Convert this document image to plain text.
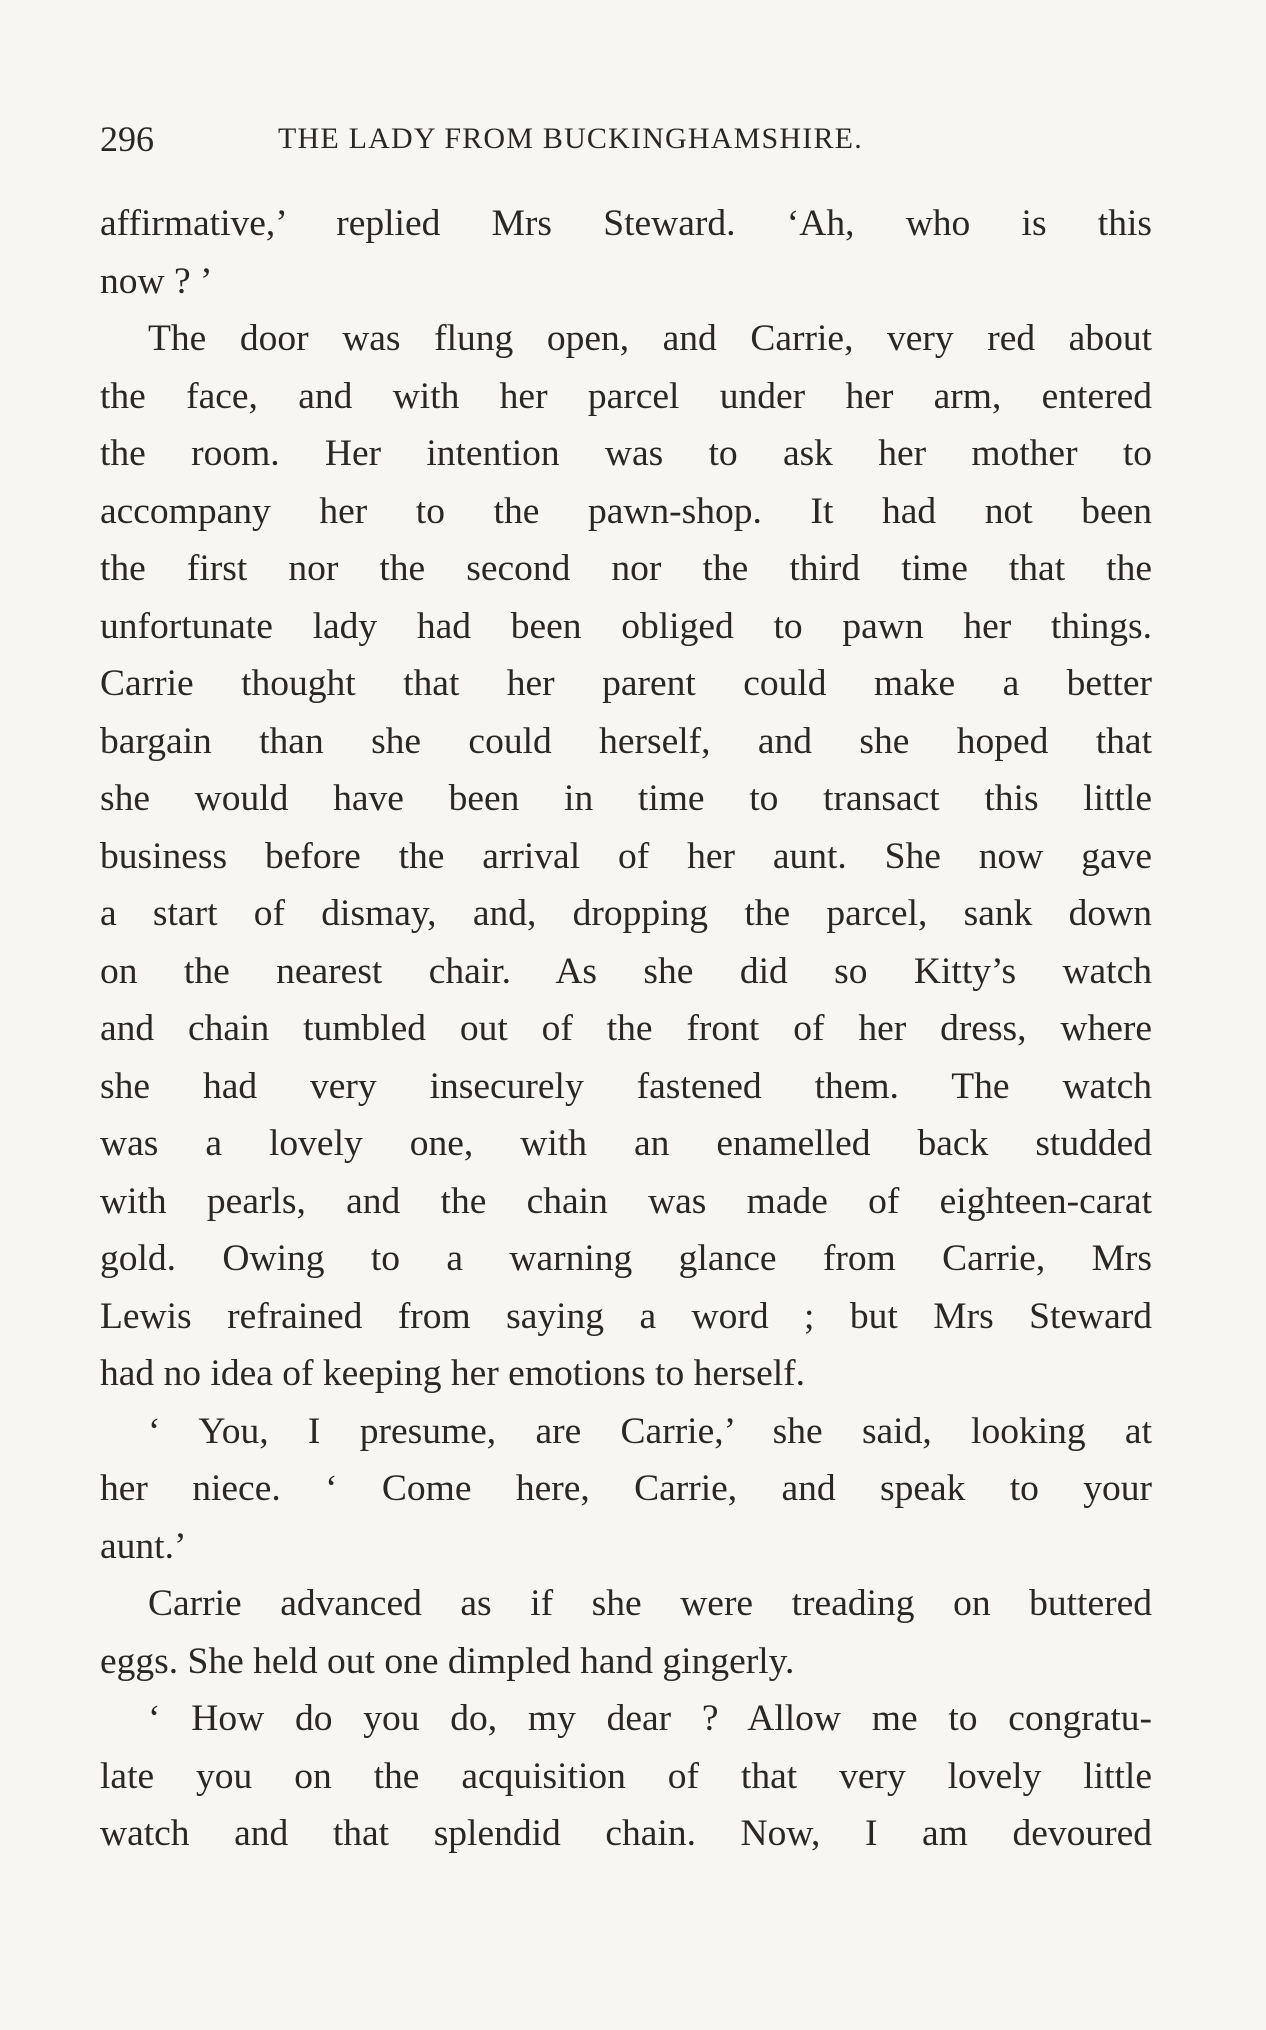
296	THE LADY FROM BUCKINGHAMSHIRE.
affirmative,’ replied Mrs Steward. ‘Ah, who is this
now ? ’
The door was flung open, and Carrie, very red about
the face, and with her parcel under her arm, entered
the room. Her intention was to ask her mother to
accompany her to the pawn-shop. It had not been
the first nor the second nor the third time that the
unfortunate lady had been obliged to pawn her things.
Carrie thought that her parent could make a better
bargain than she could herself, and she hoped that
she would have been in time to transact this little
business before the arrival of her aunt. She now gave
a start of dismay, and, dropping the parcel, sank down
on the nearest chair. As she did so Kitty’s watch
and chain tumbled out of the front of her dress, where
she had very insecurely fastened them. The watch
was a lovely one, with an enamelled back studded
with pearls, and the chain was made of eighteen-carat
gold. Owing to a warning glance from Carrie, Mrs
Lewis refrained from saying a word ; but Mrs Steward
had no idea of keeping her emotions to herself.
‘ You, I presume, are Carrie,’ she said, looking at
her niece. ‘ Come here, Carrie, and speak to your
aunt.’
Carrie advanced as if she were treading on buttered
eggs. She held out one dimpled hand gingerly.
‘ How do you do, my dear ? Allow me to congratu-
late you on the acquisition of that very lovely little
watch and that splendid chain. Now, I am devoured
